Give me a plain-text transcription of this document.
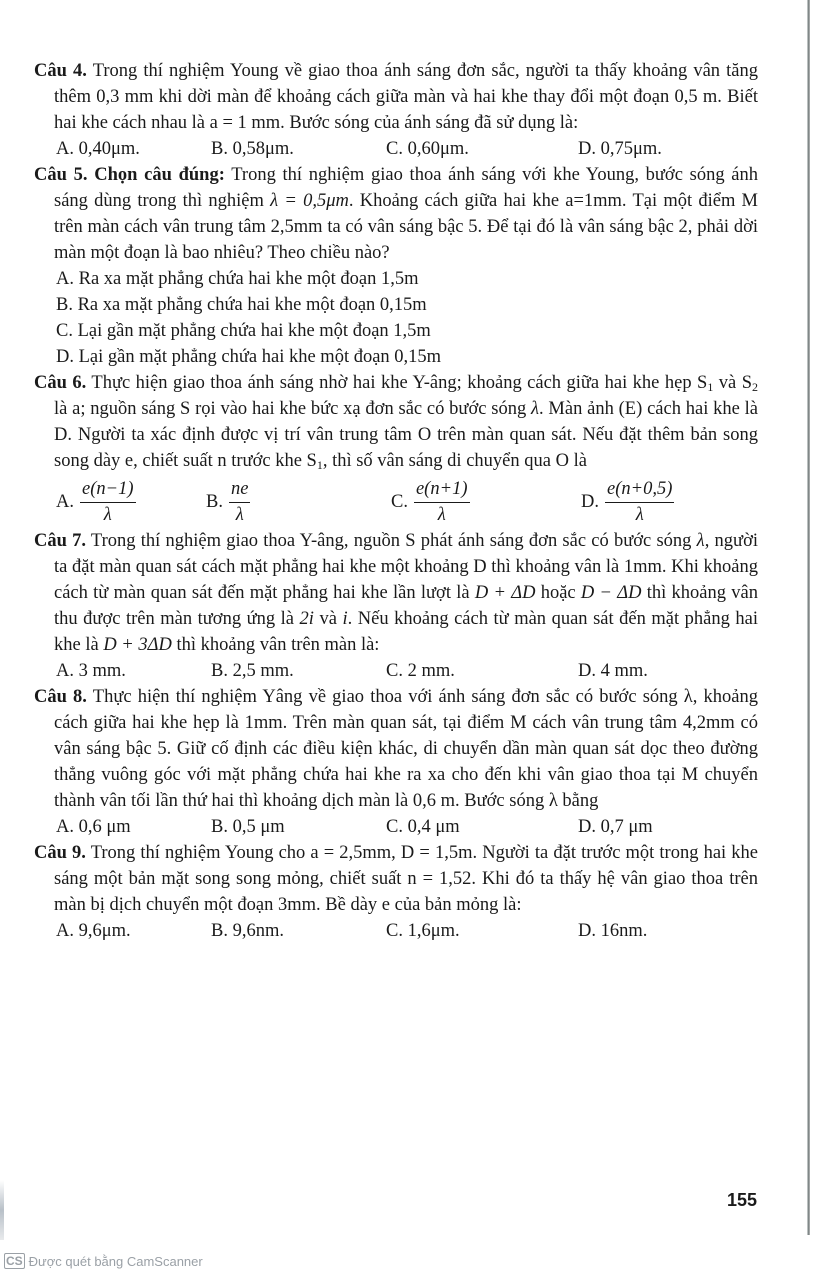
Câu 4. Trong thí nghiệm Young về giao thoa ánh sáng đơn sắc, người ta thấy khoảng vân tăng thêm 0,3 mm khi dời màn để khoảng cách giữa màn và hai khe thay đổi một đoạn 0,5 m. Biết hai khe cách nhau là a = 1 mm. Bước sóng của ánh sáng đã sử dụng là:
A. 0,40μm.	B. 0,58μm.	C. 0,60μm.	D. 0,75μm.
Câu 5. Chọn câu đúng: Trong thí nghiệm giao thoa ánh sáng với khe Young, bước sóng ánh sáng dùng trong thì nghiệm λ = 0,5μm. Khoảng cách giữa hai khe a=1mm. Tại một điểm M trên màn cách vân trung tâm 2,5mm ta có vân sáng bậc 5. Để tại đó là vân sáng bậc 2, phải dời màn một đoạn là bao nhiêu? Theo chiều nào?
A. Ra xa mặt phẳng chứa hai khe một đoạn 1,5m
B. Ra xa mặt phẳng chứa hai khe một đoạn 0,15m
C. Lại gần mặt phẳng chứa hai khe một đoạn 1,5m
D. Lại gần mặt phẳng chứa hai khe một đoạn 0,15m
Câu 6. Thực hiện giao thoa ánh sáng nhờ hai khe Y-âng; khoảng cách giữa hai khe hẹp $S_1$ và $S_2$ là a; nguồn sáng S rọi vào hai khe bức xạ đơn sắc có bước sóng λ. Màn ảnh (E) cách hai khe là D. Người ta xác định được vị trí vân trung tâm O trên màn quan sát. Nếu đặt thêm bản song song dày e, chiết suất n trước khe $S_1$, thì số vân sáng di chuyển qua O là
A. $\frac{e(n-1)}{\lambda}$	B. $\frac{ne}{\lambda}$	C. $\frac{e(n+1)}{\lambda}$	D. $\frac{e(n+0,5)}{\lambda}$
Câu 7. Trong thí nghiệm giao thoa Y-âng, nguồn S phát ánh sáng đơn sắc có bước sóng λ, người ta đặt màn quan sát cách mặt phẳng hai khe một khoảng D thì khoảng vân là 1mm. Khi khoảng cách từ màn quan sát đến mặt phẳng hai khe lần lượt là D + ΔD hoặc D − ΔD thì khoảng vân thu được trên màn tương ứng là 2i và i. Nếu khoảng cách từ màn quan sát đến mặt phẳng hai khe là D + 3ΔD thì khoảng vân trên màn là:
A. 3 mm.	B. 2,5 mm.	C. 2 mm.	D. 4 mm.
Câu 8. Thực hiện thí nghiệm Yâng về giao thoa với ánh sáng đơn sắc có bước sóng λ, khoảng cách giữa hai khe hẹp là 1mm. Trên màn quan sát, tại điểm M cách vân trung tâm 4,2mm có vân sáng bậc 5. Giữ cố định các điều kiện khác, di chuyển dần màn quan sát dọc theo đường thẳng vuông góc với mặt phẳng chứa hai khe ra xa cho đến khi vân giao thoa tại M chuyển thành vân tối lần thứ hai thì khoảng dịch màn là 0,6 m. Bước sóng λ bằng
A. 0,6 μm	B. 0,5 μm	C. 0,4 μm	D. 0,7 μm
Câu 9. Trong thí nghiệm Young cho a = 2,5mm, D = 1,5m. Người ta đặt trước một trong hai khe sáng một bản mặt song song mỏng, chiết suất n = 1,52. Khi đó ta thấy hệ vân giao thoa trên màn bị dịch chuyển một đoạn 3mm. Bề dày e của bản mỏng là:
A. 9,6μm.	B. 9,6nm.	C. 1,6μm.	D. 16nm.
155
CS Được quét bằng CamScanner
